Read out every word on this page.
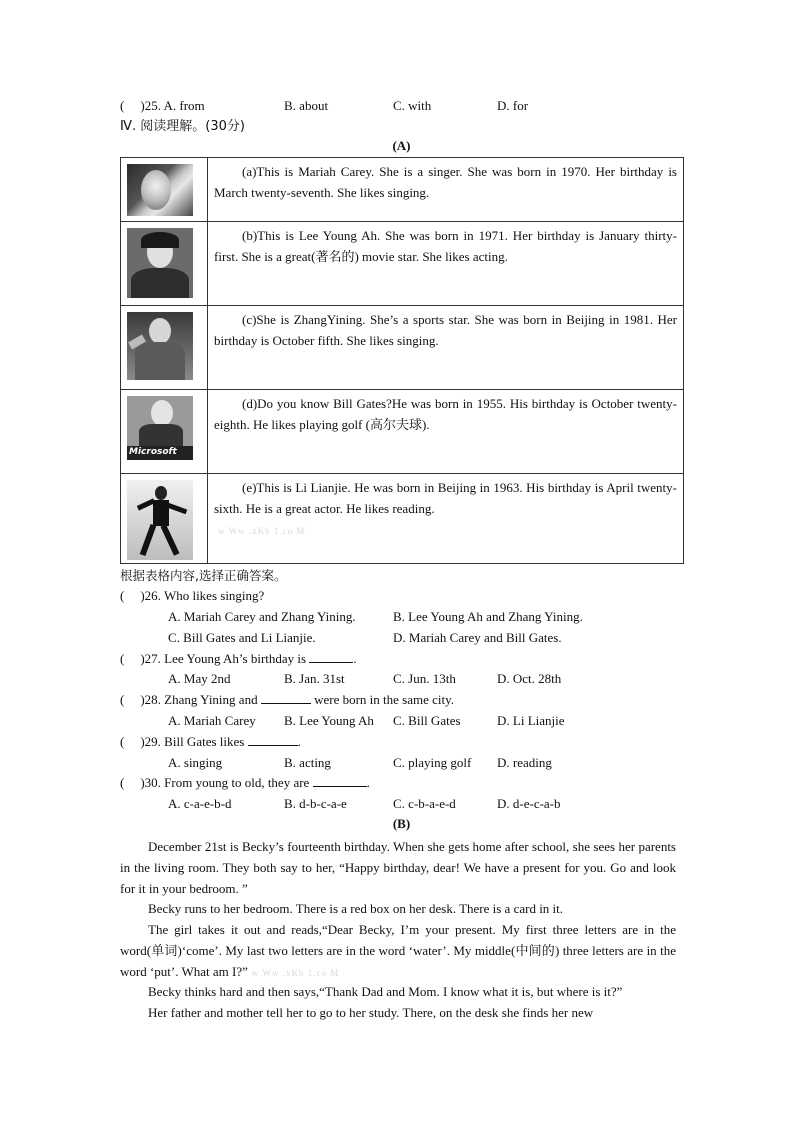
( )25. A. from	B. about	C. with	D. for
Ⅳ. 阅读理解。(30分)
(A)
	(a)This is Mariah Carey. She is a singer. She was born in 1970. Her birthday is March twenty-seventh. She likes singing.

	(b)This is Lee Young Ah. She was born in 1971. Her birthday is January thirty-first. She is a great(著名的) movie star. She likes acting.

	(c)She is ZhangYining. She’s a sports star. She was born in Beijing in 1981. Her birthday is October fifth. She likes singing.

Microsoft	(d)Do you know Bill Gates?He was born in 1955. His birthday is October twenty-eighth. He likes playing golf (高尔夫球).

	(e)This is Li Lianjie. He was born in Beijing in 1963. His birthday is April twenty-sixth. He is a great actor. He likes reading.
w Ww .xKb 1.co M
根据表格内容,选择正确答案。
( )26. Who likes singing?
A. Mariah Carey and Zhang Yining.	B. Lee Young Ah and Zhang Yining.
C. Bill Gates and Li Lianjie.	D. Mariah Carey and Bill Gates.
( )27. Lee Young Ah’s birthday is	.
A. May 2nd	B. Jan. 31st	C. Jun. 13th	D. Oct. 28th
( )28. Zhang Yining and	were born in the same city.
A. Mariah Carey B. Lee Young Ah C. Bill Gates	D. Li Lianjie
( )29. Bill Gates likes	.
A. singing	B. acting	C. playing golf D. reading
( )30. From young to old, they are	.
A. c-a-e-b-d	B. d-b-c-a-e	C. c-b-a-e-d	D. d-e-c-a-b
(B)
December 21st is Becky’s fourteenth birthday. When she gets home after school, she sees her parents in the living room. They both say to her, “Happy birthday, dear! We have a present for you. Go and look for it in your bedroom. ”
Becky runs to her bedroom. There is a red box on her desk. There is a card in it.
The girl takes it out and reads,“Dear Becky, I’m your present. My first three letters are in the word(单词)‘come’. My last two letters are in the word ‘water’. My middle(中间的) three letters are in the word ‘put’. What am I?” w Ww .xKb 1.co M
Becky thinks hard and then says,“Thank Dad and Mom. I know what it is, but where is it?”
Her father and mother tell her to go to her study. There, on the desk she finds her new
